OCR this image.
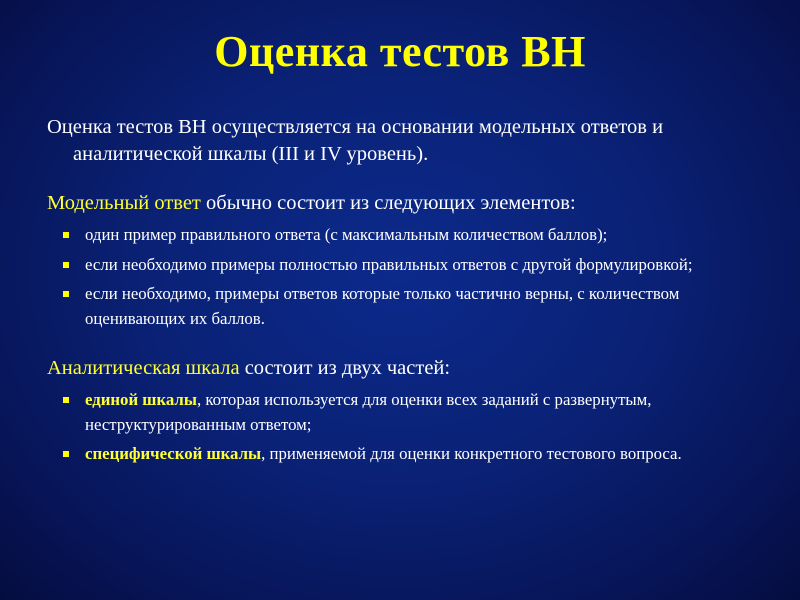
Оценка тестов ВН

Оценка тестов ВН осуществляется на основании модельных ответов и аналитической шкалы (III и IV уровень).

Модельный ответ обычно состоит из следующих элементов:

один пример правильного ответа (с максимальным количеством баллов);
если необходимо примеры полностью правильных ответов с другой формулировкой;
если необходимо, примеры ответов которые только частично верны, с количеством оценивающих их баллов.

Аналитическая шкала состоит из двух частей:

единой шкалы, которая используется для оценки всех заданий с развернутым, неструктурированным ответом;
специфической шкалы, применяемой для оценки конкретного тестового вопроса.
